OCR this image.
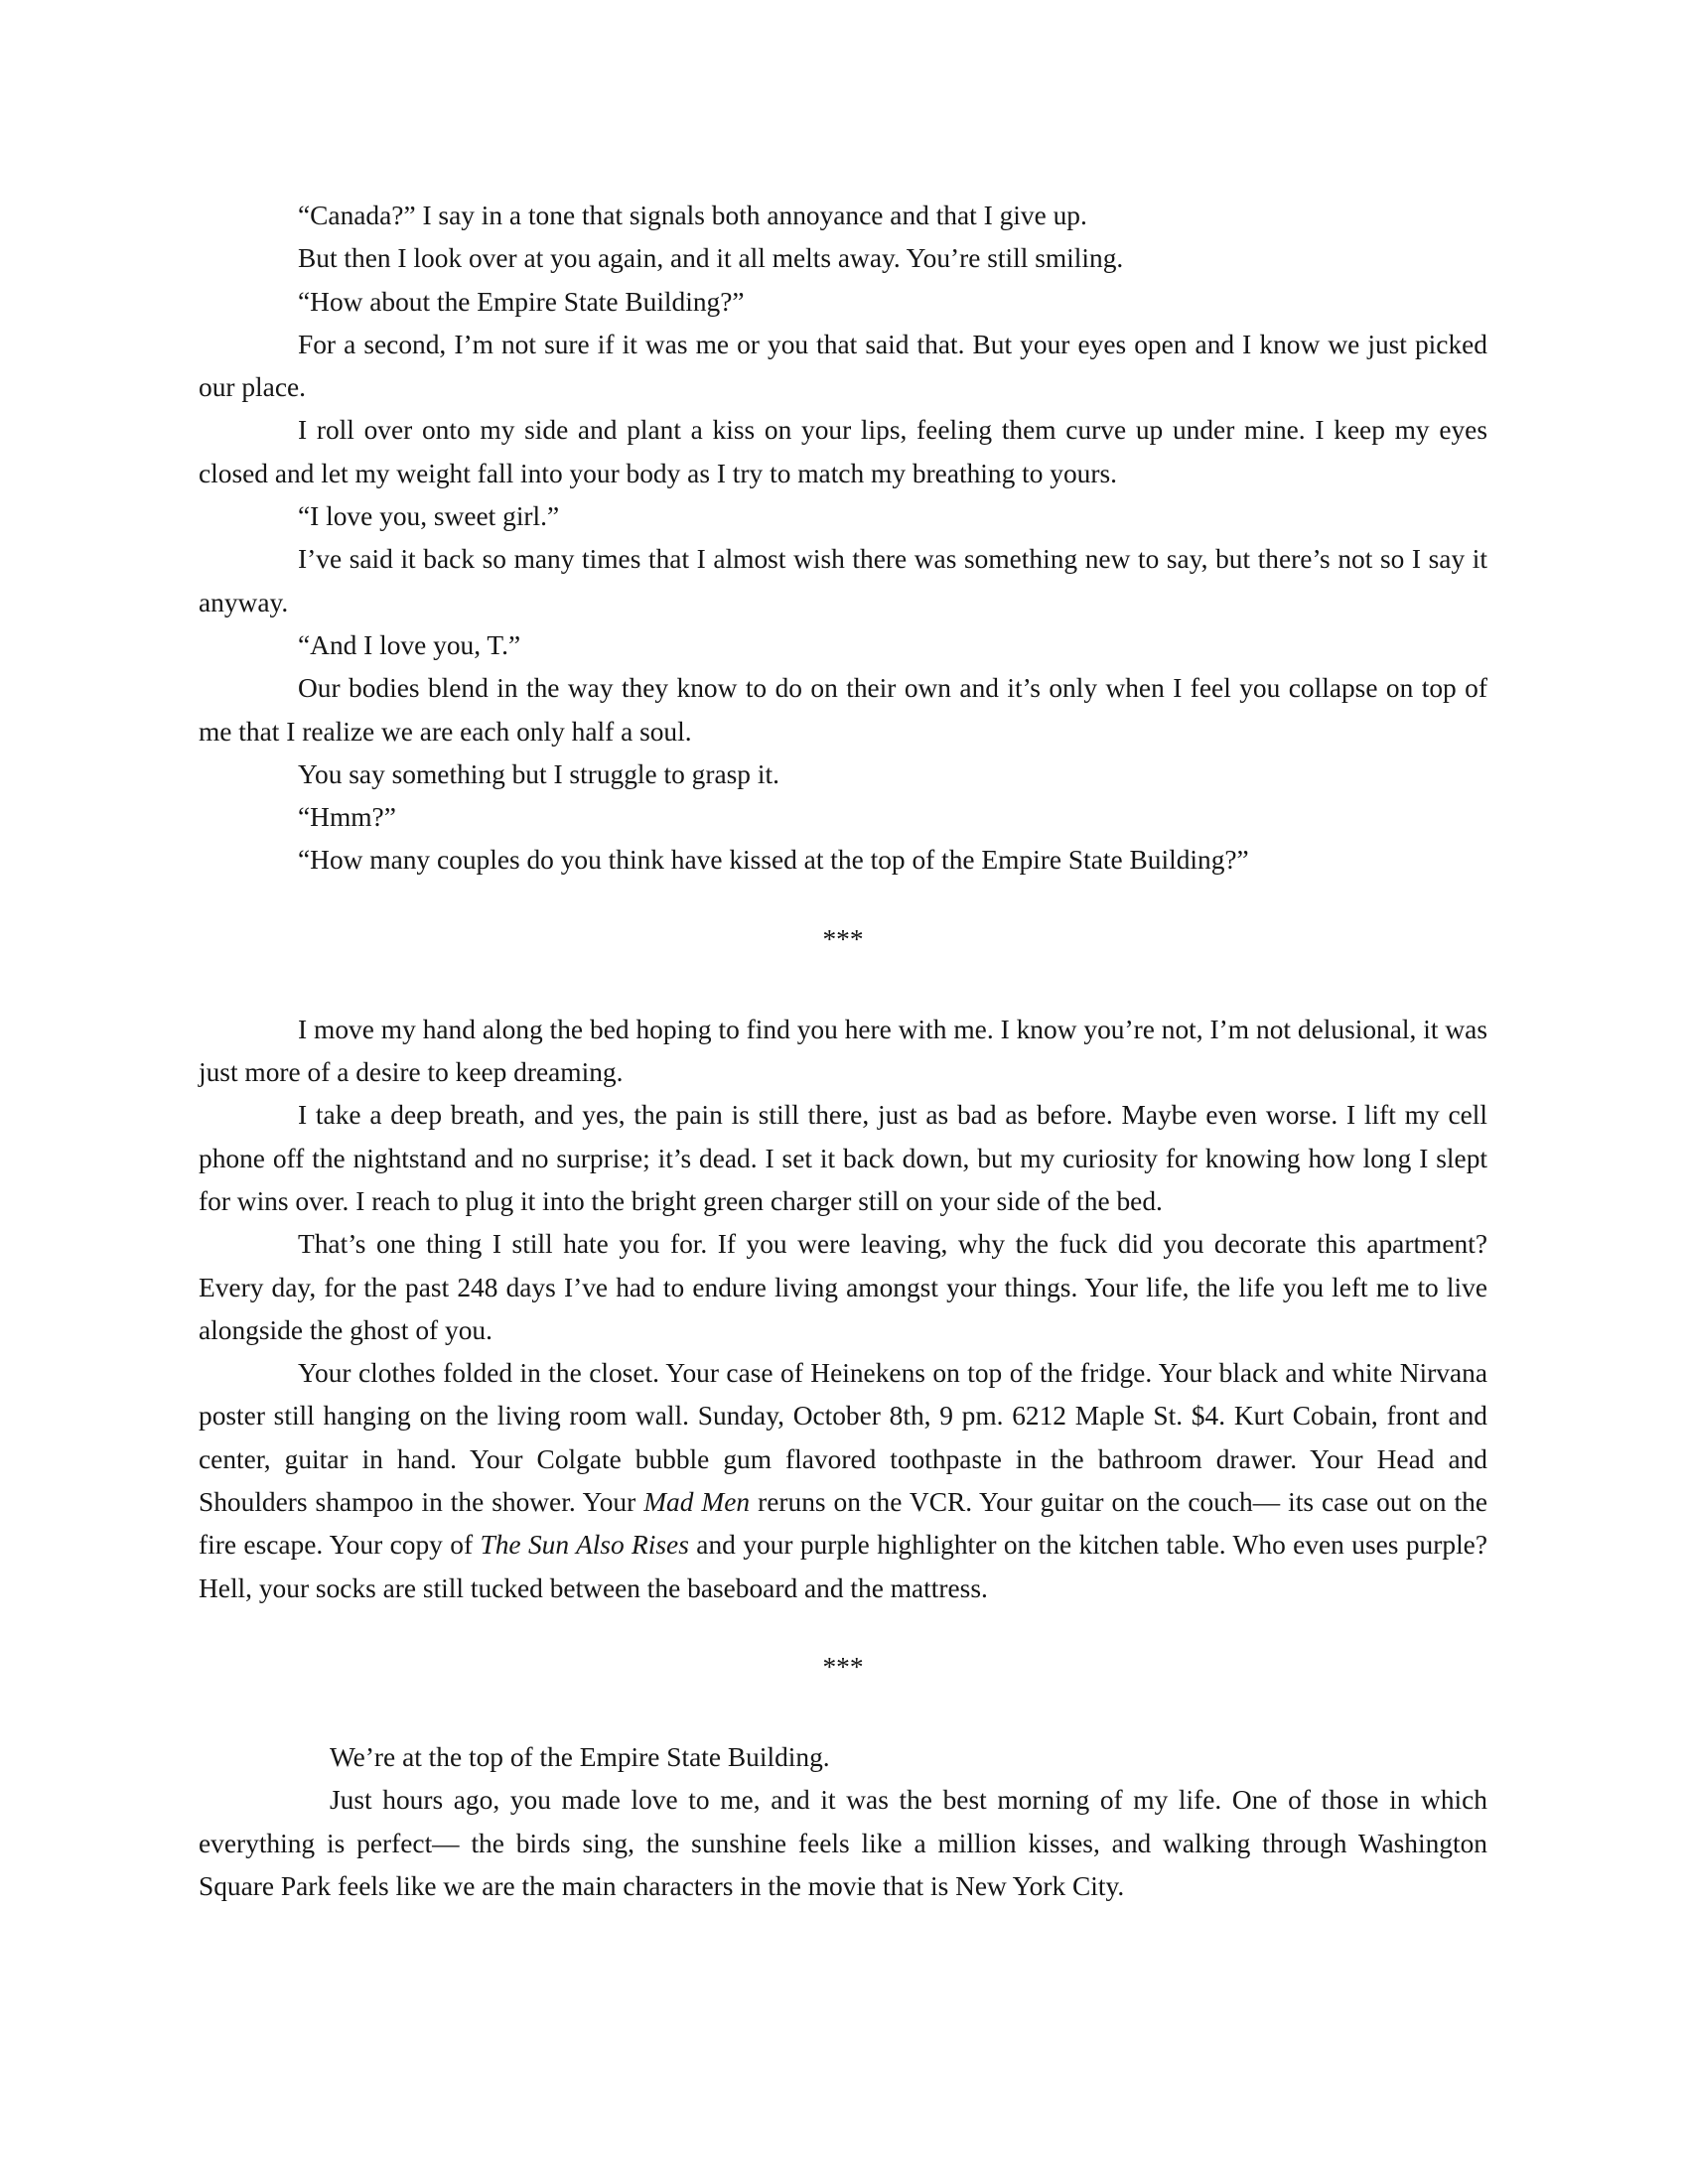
“Canada?” I say in a tone that signals both annoyance and that I give up.

But then I look over at you again, and it all melts away. You’re still smiling.

“How about the Empire State Building?”

For a second, I’m not sure if it was me or you that said that. But your eyes open and I know we just picked our place.

I roll over onto my side and plant a kiss on your lips, feeling them curve up under mine. I keep my eyes closed and let my weight fall into your body as I try to match my breathing to yours.

“I love you, sweet girl.”

I’ve said it back so many times that I almost wish there was something new to say, but there’s not so I say it anyway.

“And I love you, T.”

Our bodies blend in the way they know to do on their own and it’s only when I feel you collapse on top of me that I realize we are each only half a soul.

You say something but I struggle to grasp it.

“Hmm?”

“How many couples do you think have kissed at the top of the Empire State Building?”

***

I move my hand along the bed hoping to find you here with me. I know you’re not, I’m not delusional, it was just more of a desire to keep dreaming.

I take a deep breath, and yes, the pain is still there, just as bad as before. Maybe even worse. I lift my cell phone off the nightstand and no surprise; it’s dead. I set it back down, but my curiosity for knowing how long I slept for wins over. I reach to plug it into the bright green charger still on your side of the bed.

That’s one thing I still hate you for. If you were leaving, why the fuck did you decorate this apartment? Every day, for the past 248 days I’ve had to endure living amongst your things. Your life, the life you left me to live alongside the ghost of you.

Your clothes folded in the closet. Your case of Heinekens on top of the fridge. Your black and white Nirvana poster still hanging on the living room wall. Sunday, October 8th, 9 pm. 6212 Maple St. $4. Kurt Cobain, front and center, guitar in hand. Your Colgate bubble gum flavored toothpaste in the bathroom drawer. Your Head and Shoulders shampoo in the shower. Your Mad Men reruns on the VCR. Your guitar on the couch— its case out on the fire escape. Your copy of The Sun Also Rises and your purple highlighter on the kitchen table. Who even uses purple? Hell, your socks are still tucked between the baseboard and the mattress.

***

We’re at the top of the Empire State Building.

Just hours ago, you made love to me, and it was the best morning of my life. One of those in which everything is perfect— the birds sing, the sunshine feels like a million kisses, and walking through Washington Square Park feels like we are the main characters in the movie that is New York City.
